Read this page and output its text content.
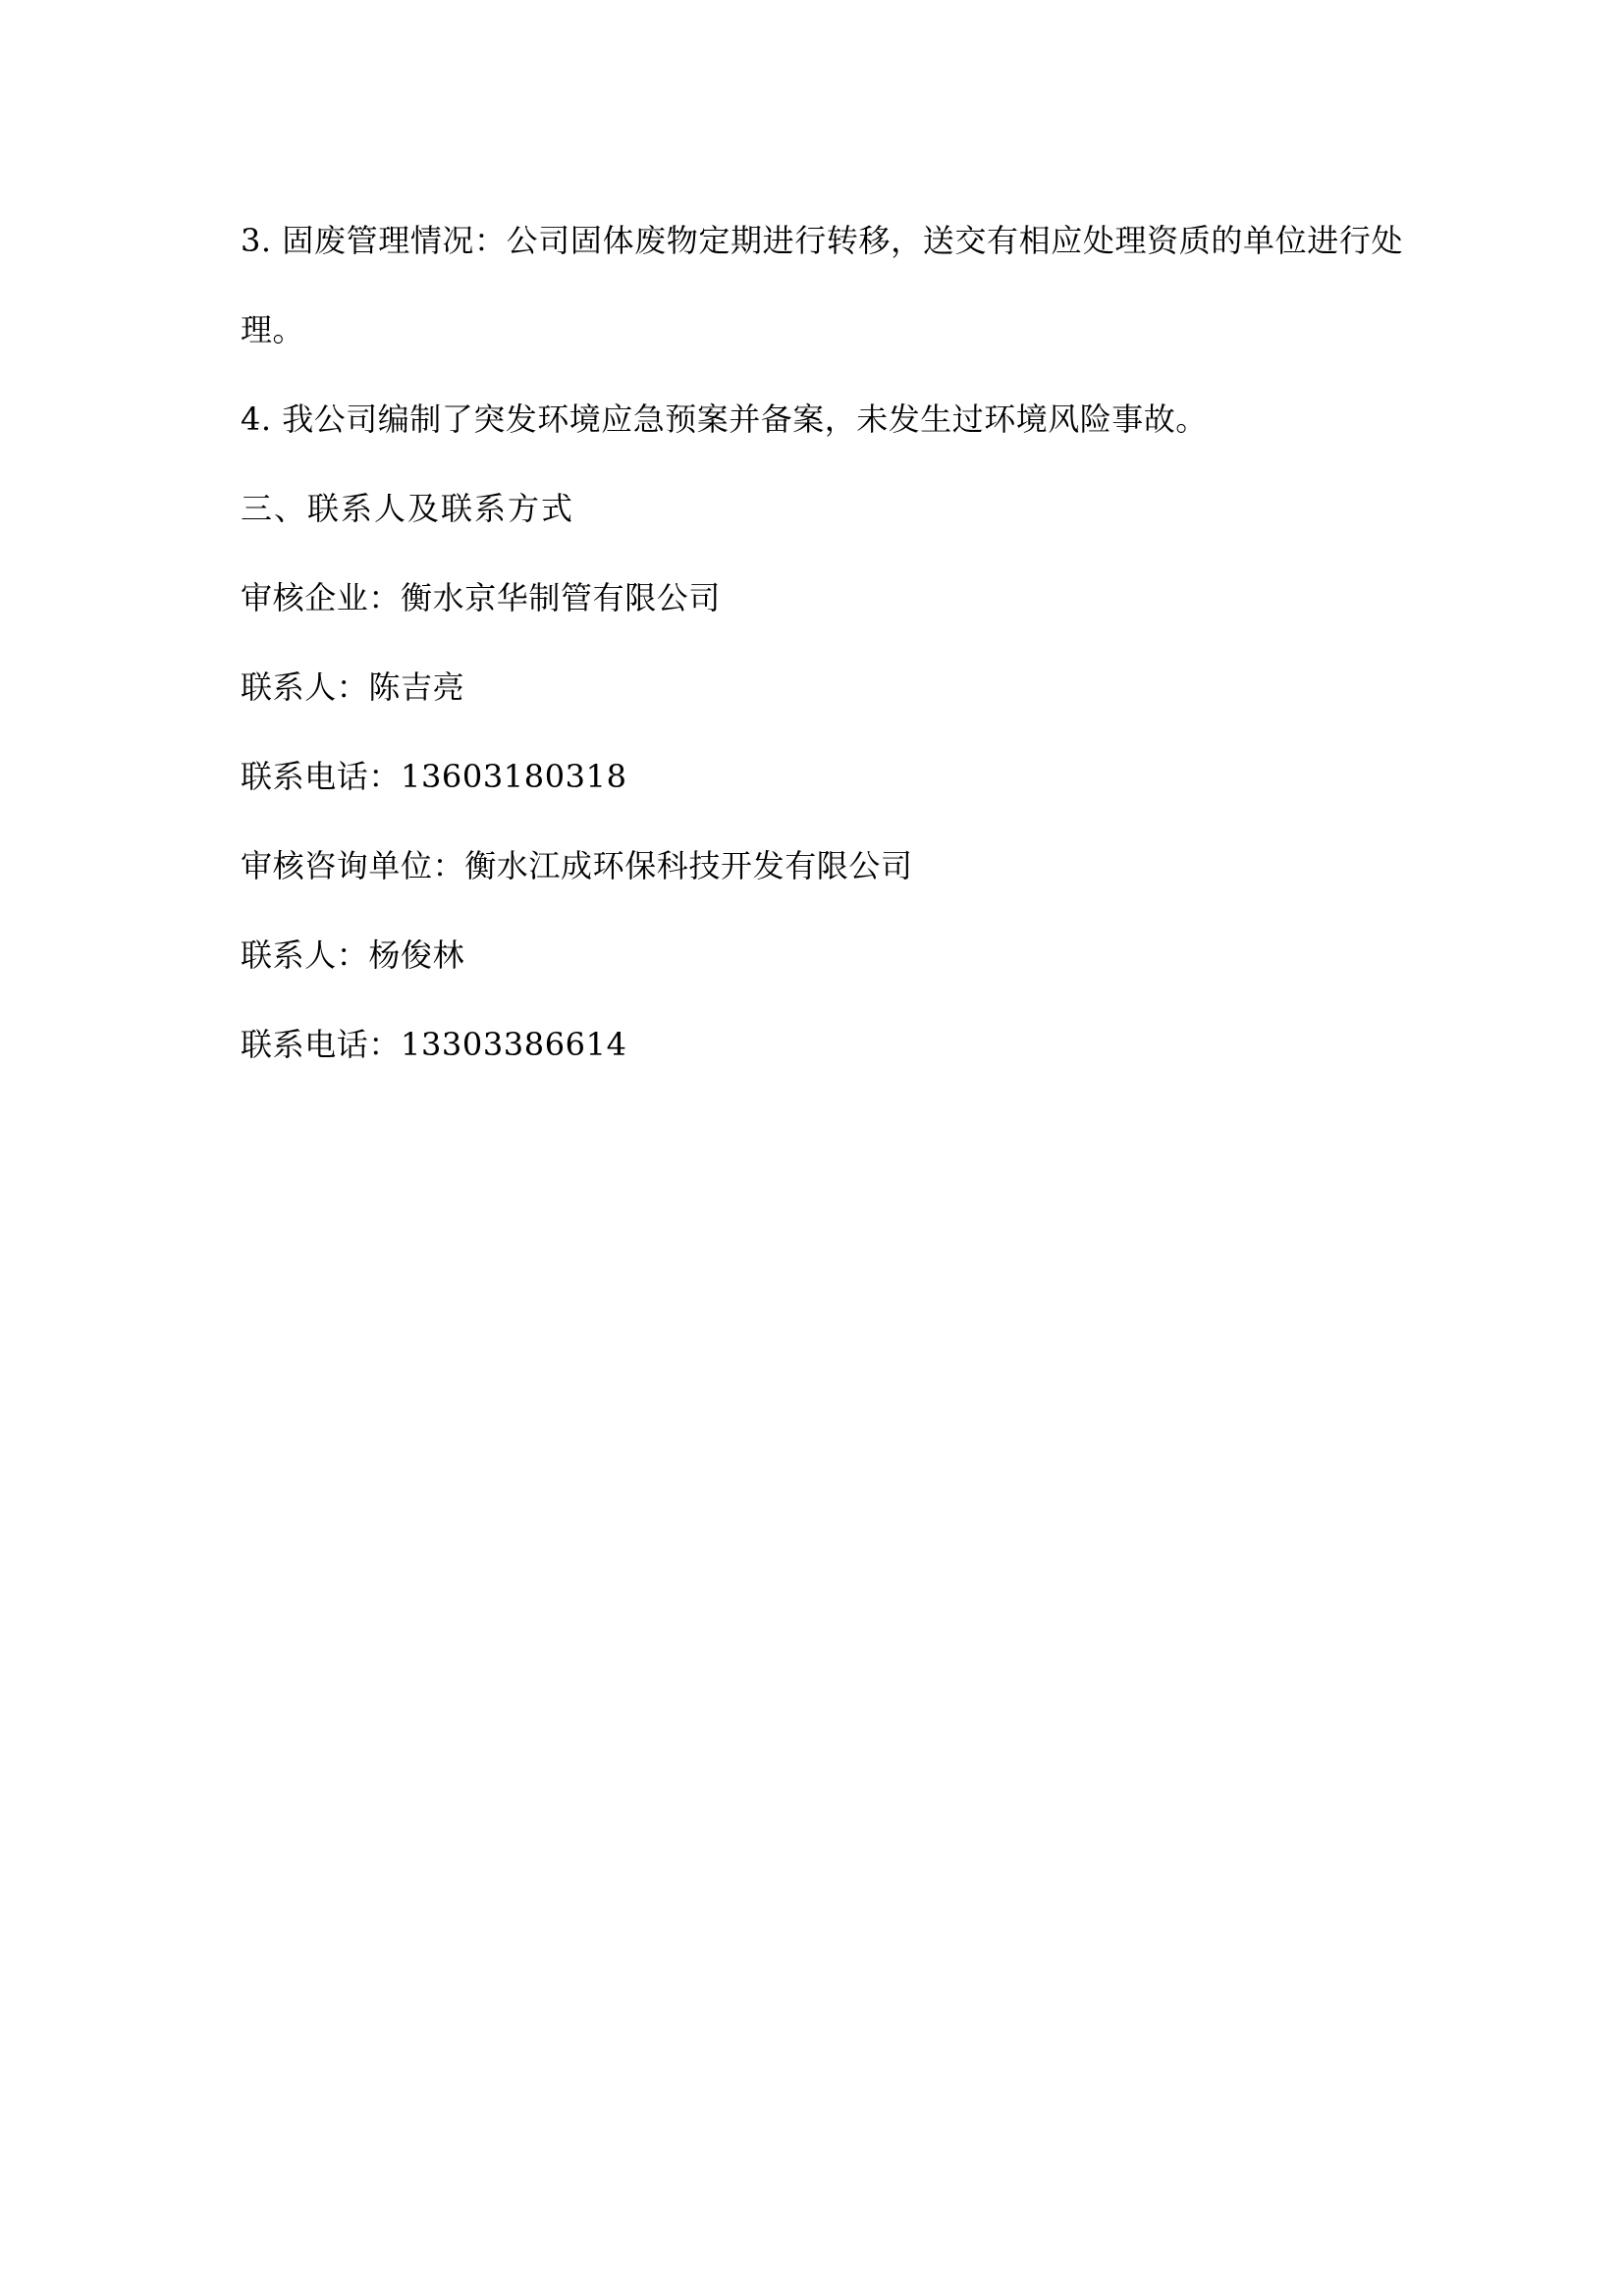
3. 固废管理情况：公司固体废物定期进行转移，送交有相应处理资质的单位进行处理。

4. 我公司编制了突发环境应急预案并备案，未发生过环境风险事故。

三、联系人及联系方式
审核企业：衡水京华制管有限公司
联系人：陈吉亮
联系电话：13603180318
审核咨询单位：衡水江成环保科技开发有限公司
联系人：杨俊林
联系电话：13303386614
